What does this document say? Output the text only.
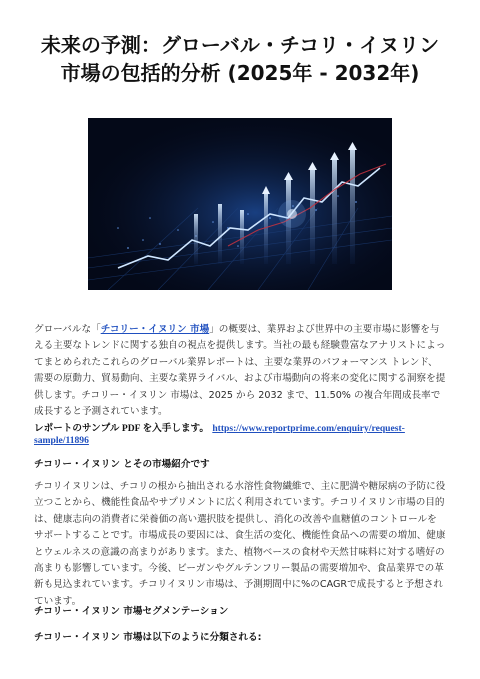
未来の予測：グローバル・チコリ・イヌリン市場の包括的分析 (2025年 - 2032年)

グローバルな「チコリー・イヌリン 市場」の概要は、業界および世界中の主要市場に影響を与える主要なトレンドに関する独自の視点を提供します。当社の最も経験豊富なアナリストによってまとめられたこれらのグローバル業界レポートは、主要な業界のパフォーマンス トレンド、需要の原動力、貿易動向、主要な業界ライバル、および市場動向の将来の変化に関する洞察を提供します。チコリー・イヌリン 市場は、2025 から 2032 まで、11.50% の複合年間成長率で成長すると予測されています。

レポートのサンプル PDF を入手します。 https://www.reportprime.com/enquiry/request-sample/11896

チコリー・イヌリン とその市場紹介です

チコリイヌリンは、チコリの根から抽出される水溶性食物繊維で、主に肥満や糖尿病の予防に役立つことから、機能性食品やサプリメントに広く利用されています。チコリイヌリン市場の目的は、健康志向の消費者に栄養価の高い選択肢を提供し、消化の改善や血糖値のコントロールをサポートすることです。市場成長の要因には、食生活の変化、機能性食品への需要の増加、健康とウェルネスの意識の高まりがあります。また、植物ベースの食材や天然甘味料に対する嗜好の高まりも影響しています。今後、ビーガンやグルテンフリー製品の需要増加や、食品業界での革新も見込まれています。チコリイヌリン市場は、予測期間中に%のCAGRで成長すると予想されています。

チコリー・イヌリン 市場セグメンテーション

チコリー・イヌリン 市場は以下のように分類される:
